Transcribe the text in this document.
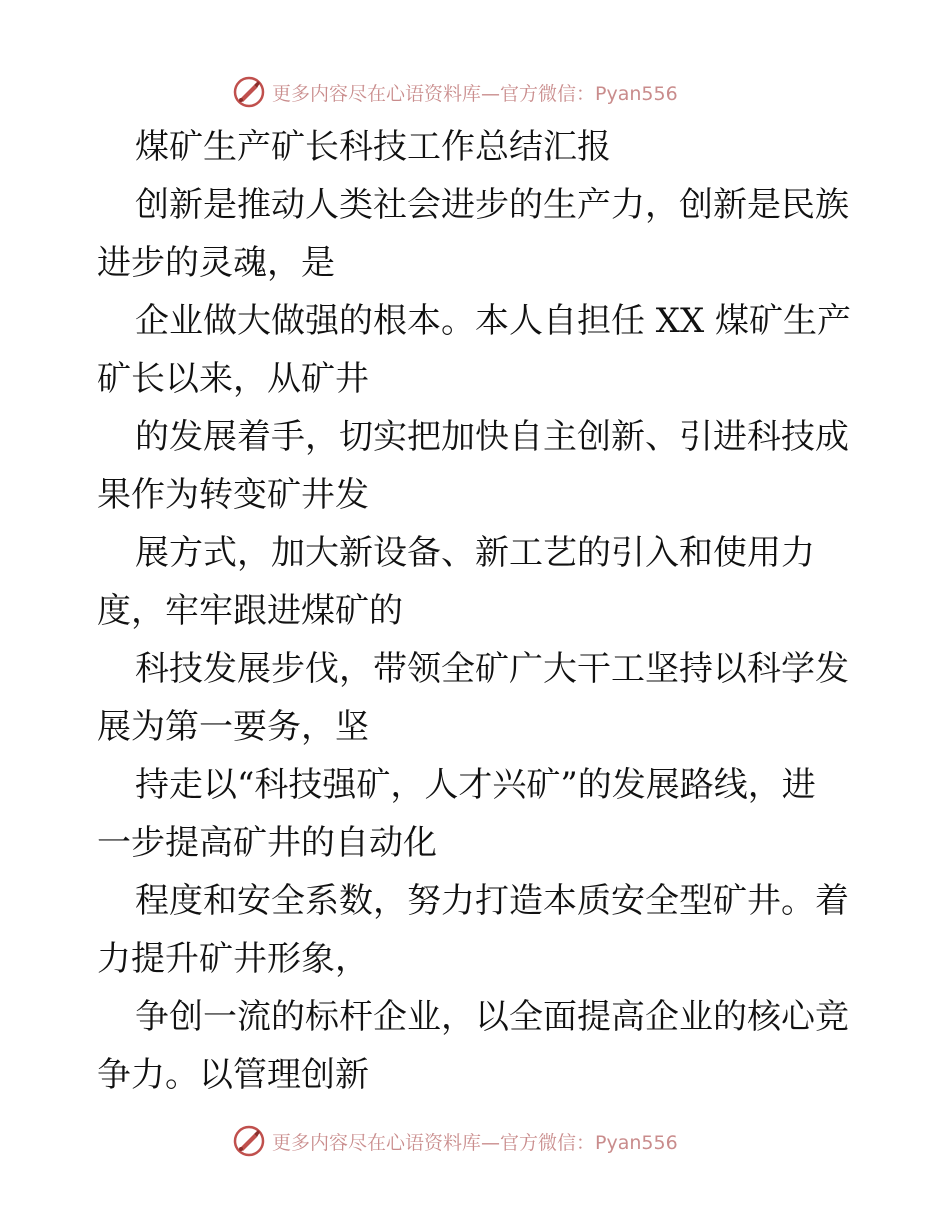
更多内容尽在心语资料库—官方微信：Pyan556
煤矿生产矿长科技工作总结汇报
创新是推动人类社会进步的生产力，创新是民族
进步的灵魂，是
企业做大做强的根本。本人自担任 XX 煤矿生产
矿长以来，从矿井
的发展着手，切实把加快自主创新、引进科技成
果作为转变矿井发
展方式，加大新设备、新工艺的引入和使用力
度，牢牢跟进煤矿的
科技发展步伐，带领全矿广大干工坚持以科学发
展为第一要务，坚
持走以“科技强矿，人才兴矿”的发展路线，进
一步提高矿井的自动化
程度和安全系数，努力打造本质安全型矿井。着
力提升矿井形象，
争创一流的标杆企业，以全面提高企业的核心竞
争力。以管理创新
更多内容尽在心语资料库—官方微信：Pyan556
